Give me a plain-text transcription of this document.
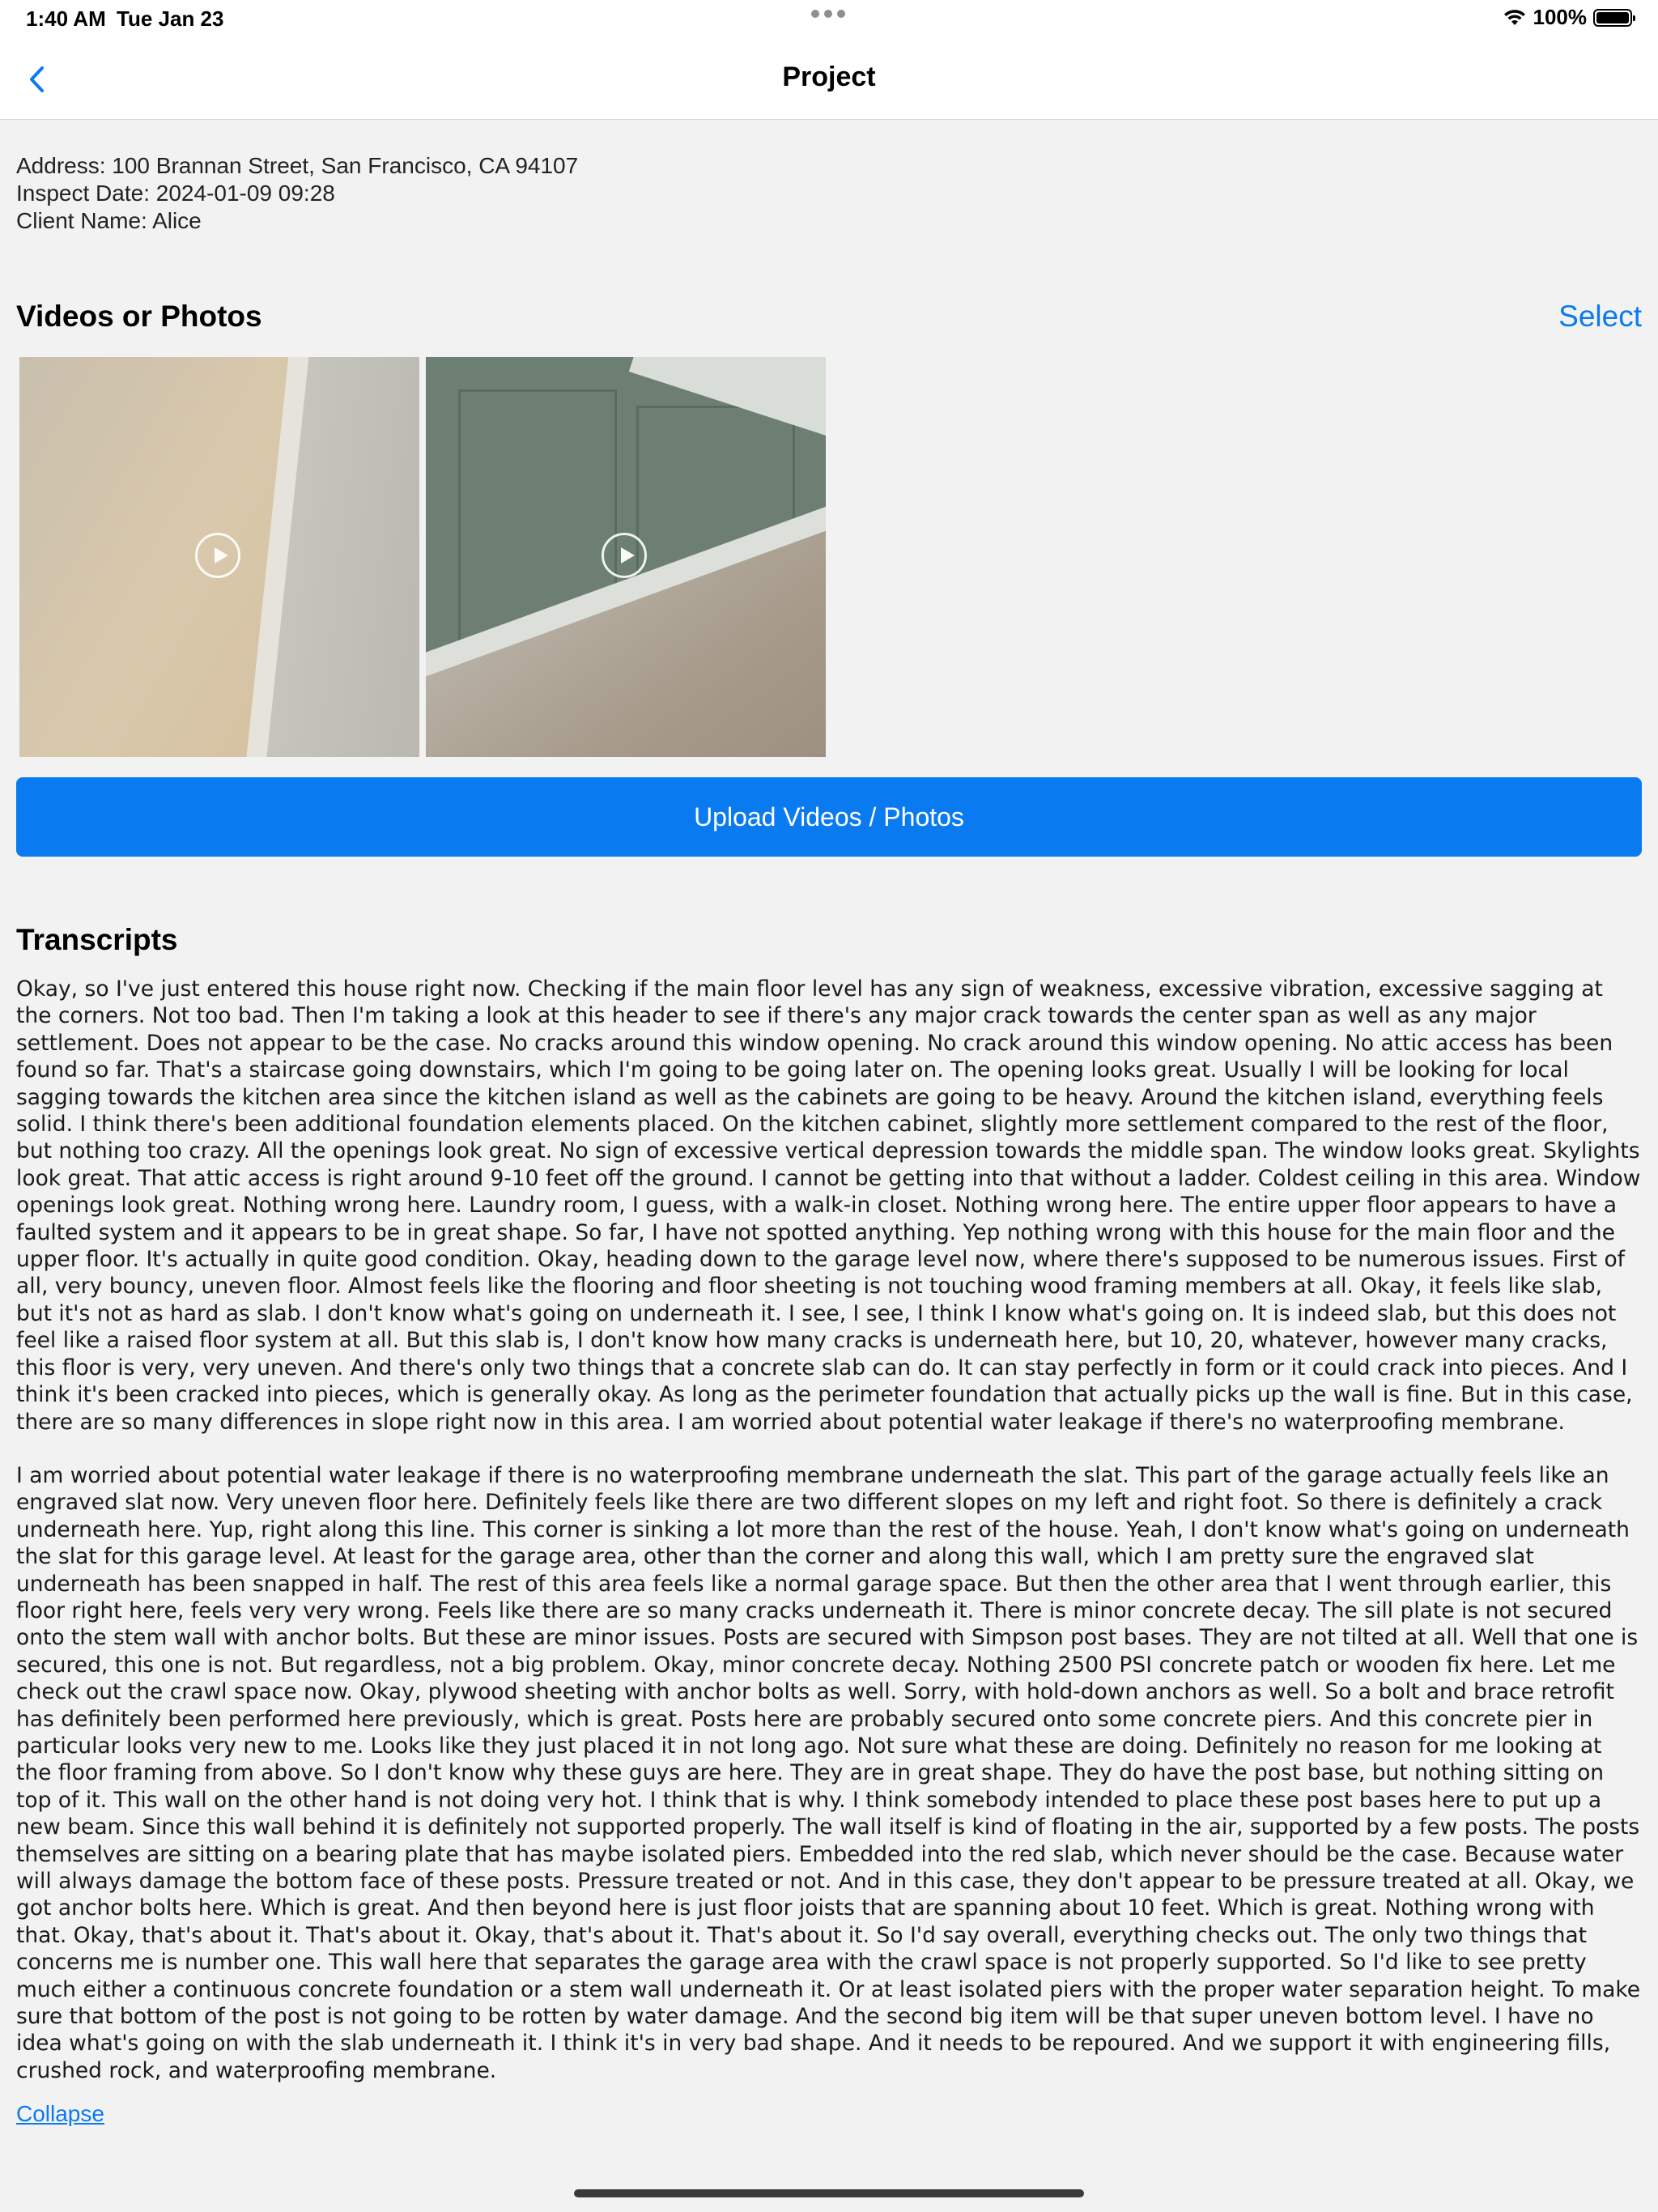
1:40 AM Tue Jan 23	100%
Project
Address: 100 Brannan Street, San Francisco, CA 94107
Inspect Date: 2024-01-09 09:28
Client Name: Alice
Videos or Photos	Select
Upload Videos / Photos
Transcripts

Okay, so I've just entered this house right now. Checking if the main floor level has any sign of weakness, excessive vibration, excessive sagging at the corners. Not too bad. Then I'm taking a look at this header to see if there's any major crack towards the center span as well as any major settlement. Does not appear to be the case. No cracks around this window opening. No crack around this window opening. No attic access has been found so far. That's a staircase going downstairs, which I'm going to be going later on. The opening looks great. Usually I will be looking for local sagging towards the kitchen area since the kitchen island as well as the cabinets are going to be heavy. Around the kitchen island, everything feels solid. I think there's been additional foundation elements placed. On the kitchen cabinet, slightly more settlement compared to the rest of the floor, but nothing too crazy. All the openings look great. No sign of excessive vertical depression towards the middle span. The window looks great. Skylights look great. That attic access is right around 9-10 feet off the ground. I cannot be getting into that without a ladder. Coldest ceiling in this area. Window openings look great. Nothing wrong here. Laundry room, I guess, with a walk-in closet. Nothing wrong here. The entire upper floor appears to have a faulted system and it appears to be in great shape. So far, I have not spotted anything. Yep nothing wrong with this house for the main floor and the upper floor. It's actually in quite good condition. Okay, heading down to the garage level now, where there's supposed to be numerous issues. First of all, very bouncy, uneven floor. Almost feels like the flooring and floor sheeting is not touching wood framing members at all. Okay, it feels like slab, but it's not as hard as slab. I don't know what's going on underneath it. I see, I see, I think I know what's going on. It is indeed slab, but this does not feel like a raised floor system at all. But this slab is, I don't know how many cracks is underneath here, but 10, 20, whatever, however many cracks, this floor is very, very uneven. And there's only two things that a concrete slab can do. It can stay perfectly in form or it could crack into pieces. And I think it's been cracked into pieces, which is generally okay. As long as the perimeter foundation that actually picks up the wall is fine. But in this case, there are so many differences in slope right now in this area. I am worried about potential water leakage if there's no waterproofing membrane.

I am worried about potential water leakage if there is no waterproofing membrane underneath the slat. This part of the garage actually feels like an engraved slat now. Very uneven floor here. Definitely feels like there are two different slopes on my left and right foot. So there is definitely a crack underneath here. Yup, right along this line. This corner is sinking a lot more than the rest of the house. Yeah, I don't know what's going on underneath the slat for this garage level. At least for the garage area, other than the corner and along this wall, which I am pretty sure the engraved slat underneath has been snapped in half. The rest of this area feels like a normal garage space. But then the other area that I went through earlier, this floor right here, feels very very wrong. Feels like there are so many cracks underneath it. There is minor concrete decay. The sill plate is not secured onto the stem wall with anchor bolts. But these are minor issues. Posts are secured with Simpson post bases. They are not tilted at all. Well that one is secured, this one is not. But regardless, not a big problem. Okay, minor concrete decay. Nothing 2500 PSI concrete patch or wooden fix here. Let me check out the crawl space now. Okay, plywood sheeting with anchor bolts as well. Sorry, with hold-down anchors as well. So a bolt and brace retrofit has definitely been performed here previously, which is great. Posts here are probably secured onto some concrete piers. And this concrete pier in particular looks very new to me. Looks like they just placed it in not long ago. Not sure what these are doing. Definitely no reason for me looking at the floor framing from above. So I don't know why these guys are here. They are in great shape. They do have the post base, but nothing sitting on top of it. This wall on the other hand is not doing very hot. I think that is why. I think somebody intended to place these post bases here to put up a new beam. Since this wall behind it is definitely not supported properly. The wall itself is kind of floating in the air, supported by a few posts. The posts themselves are sitting on a bearing plate that has maybe isolated piers. Embedded into the red slab, which never should be the case. Because water will always damage the bottom face of these posts. Pressure treated or not. And in this case, they don't appear to be pressure treated at all. Okay, we got anchor bolts here. Which is great. And then beyond here is just floor joists that are spanning about 10 feet. Which is great. Nothing wrong with that. Okay, that's about it. That's about it. Okay, that's about it. That's about it. So I'd say overall, everything checks out. The only two things that concerns me is number one. This wall here that separates the garage area with the crawl space is not properly supported. So I'd like to see pretty much either a continuous concrete foundation or a stem wall underneath it. Or at least isolated piers with the proper water separation height. To make sure that bottom of the post is not going to be rotten by water damage. And the second big item will be that super uneven bottom level. I have no idea what's going on with the slab underneath it. I think it's in very bad shape. And it needs to be repoured. And we support it with engineering fills, crushed rock, and waterproofing membrane.

Collapse
